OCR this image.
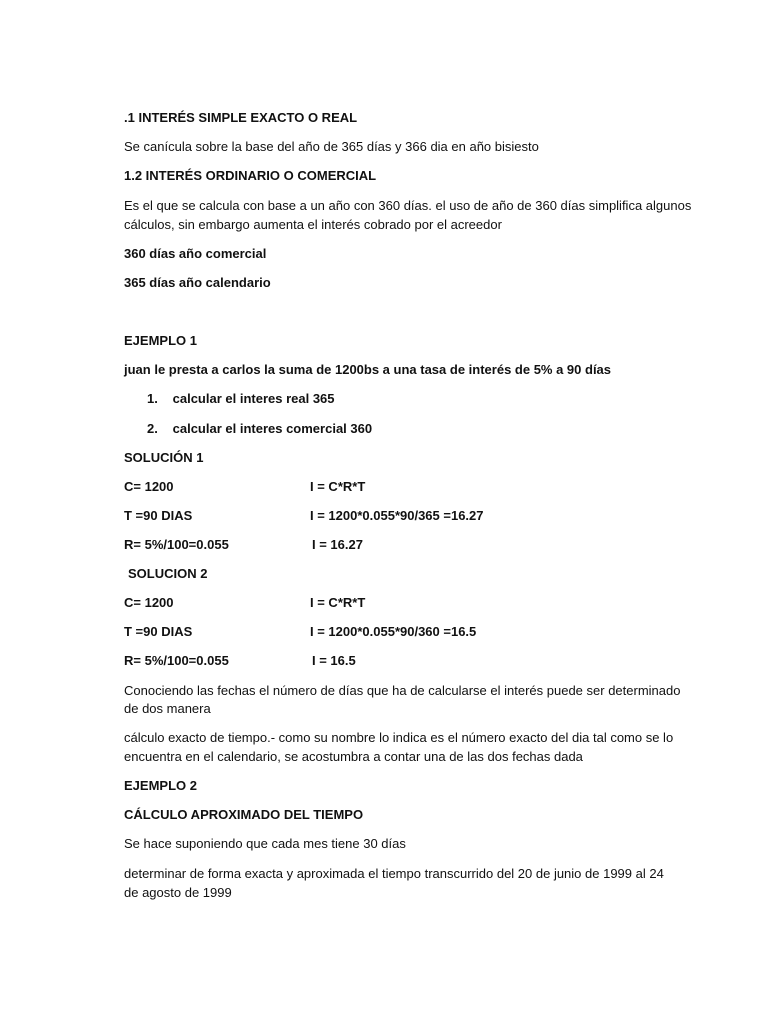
.1 INTERÉS SIMPLE EXACTO O REAL
Se canícula sobre la base del año de 365 días y 366 dia en año bisiesto
1.2 INTERÉS ORDINARIO O COMERCIAL
Es el que se calcula con base a un año con 360 días. el uso de año de 360 días simplifica algunos
cálculos, sin embargo aumenta el interés cobrado por el acreedor
360 días año comercial
365 días año calendario
EJEMPLO 1
juan le presta a carlos la suma de 1200bs a una tasa de interés de 5% a 90 días
1. calcular el interes real 365
2. calcular el interes comercial 360
SOLUCIÓN 1
C= 1200	I = C*R*T
T =90 DIAS	I = 1200*0.055*90/365 =16.27
R= 5%/100=0.055	I = 16.27
SOLUCION 2
C= 1200	I = C*R*T
T =90 DIAS	I = 1200*0.055*90/360 =16.5
R= 5%/100=0.055	I = 16.5
Conociendo las fechas el número de días que ha de calcularse el interés puede ser determinado
de dos manera
cálculo exacto de tiempo.- como su nombre lo indica es el número exacto del dia tal como se lo
encuentra en el calendario, se acostumbra a contar una de las dos fechas dada
EJEMPLO 2
CÁLCULO APROXIMADO DEL TIEMPO
Se hace suponiendo que cada mes tiene 30 días
determinar de forma exacta y aproximada el tiempo transcurrido del 20 de junio de 1999 al 24
de agosto de 1999
